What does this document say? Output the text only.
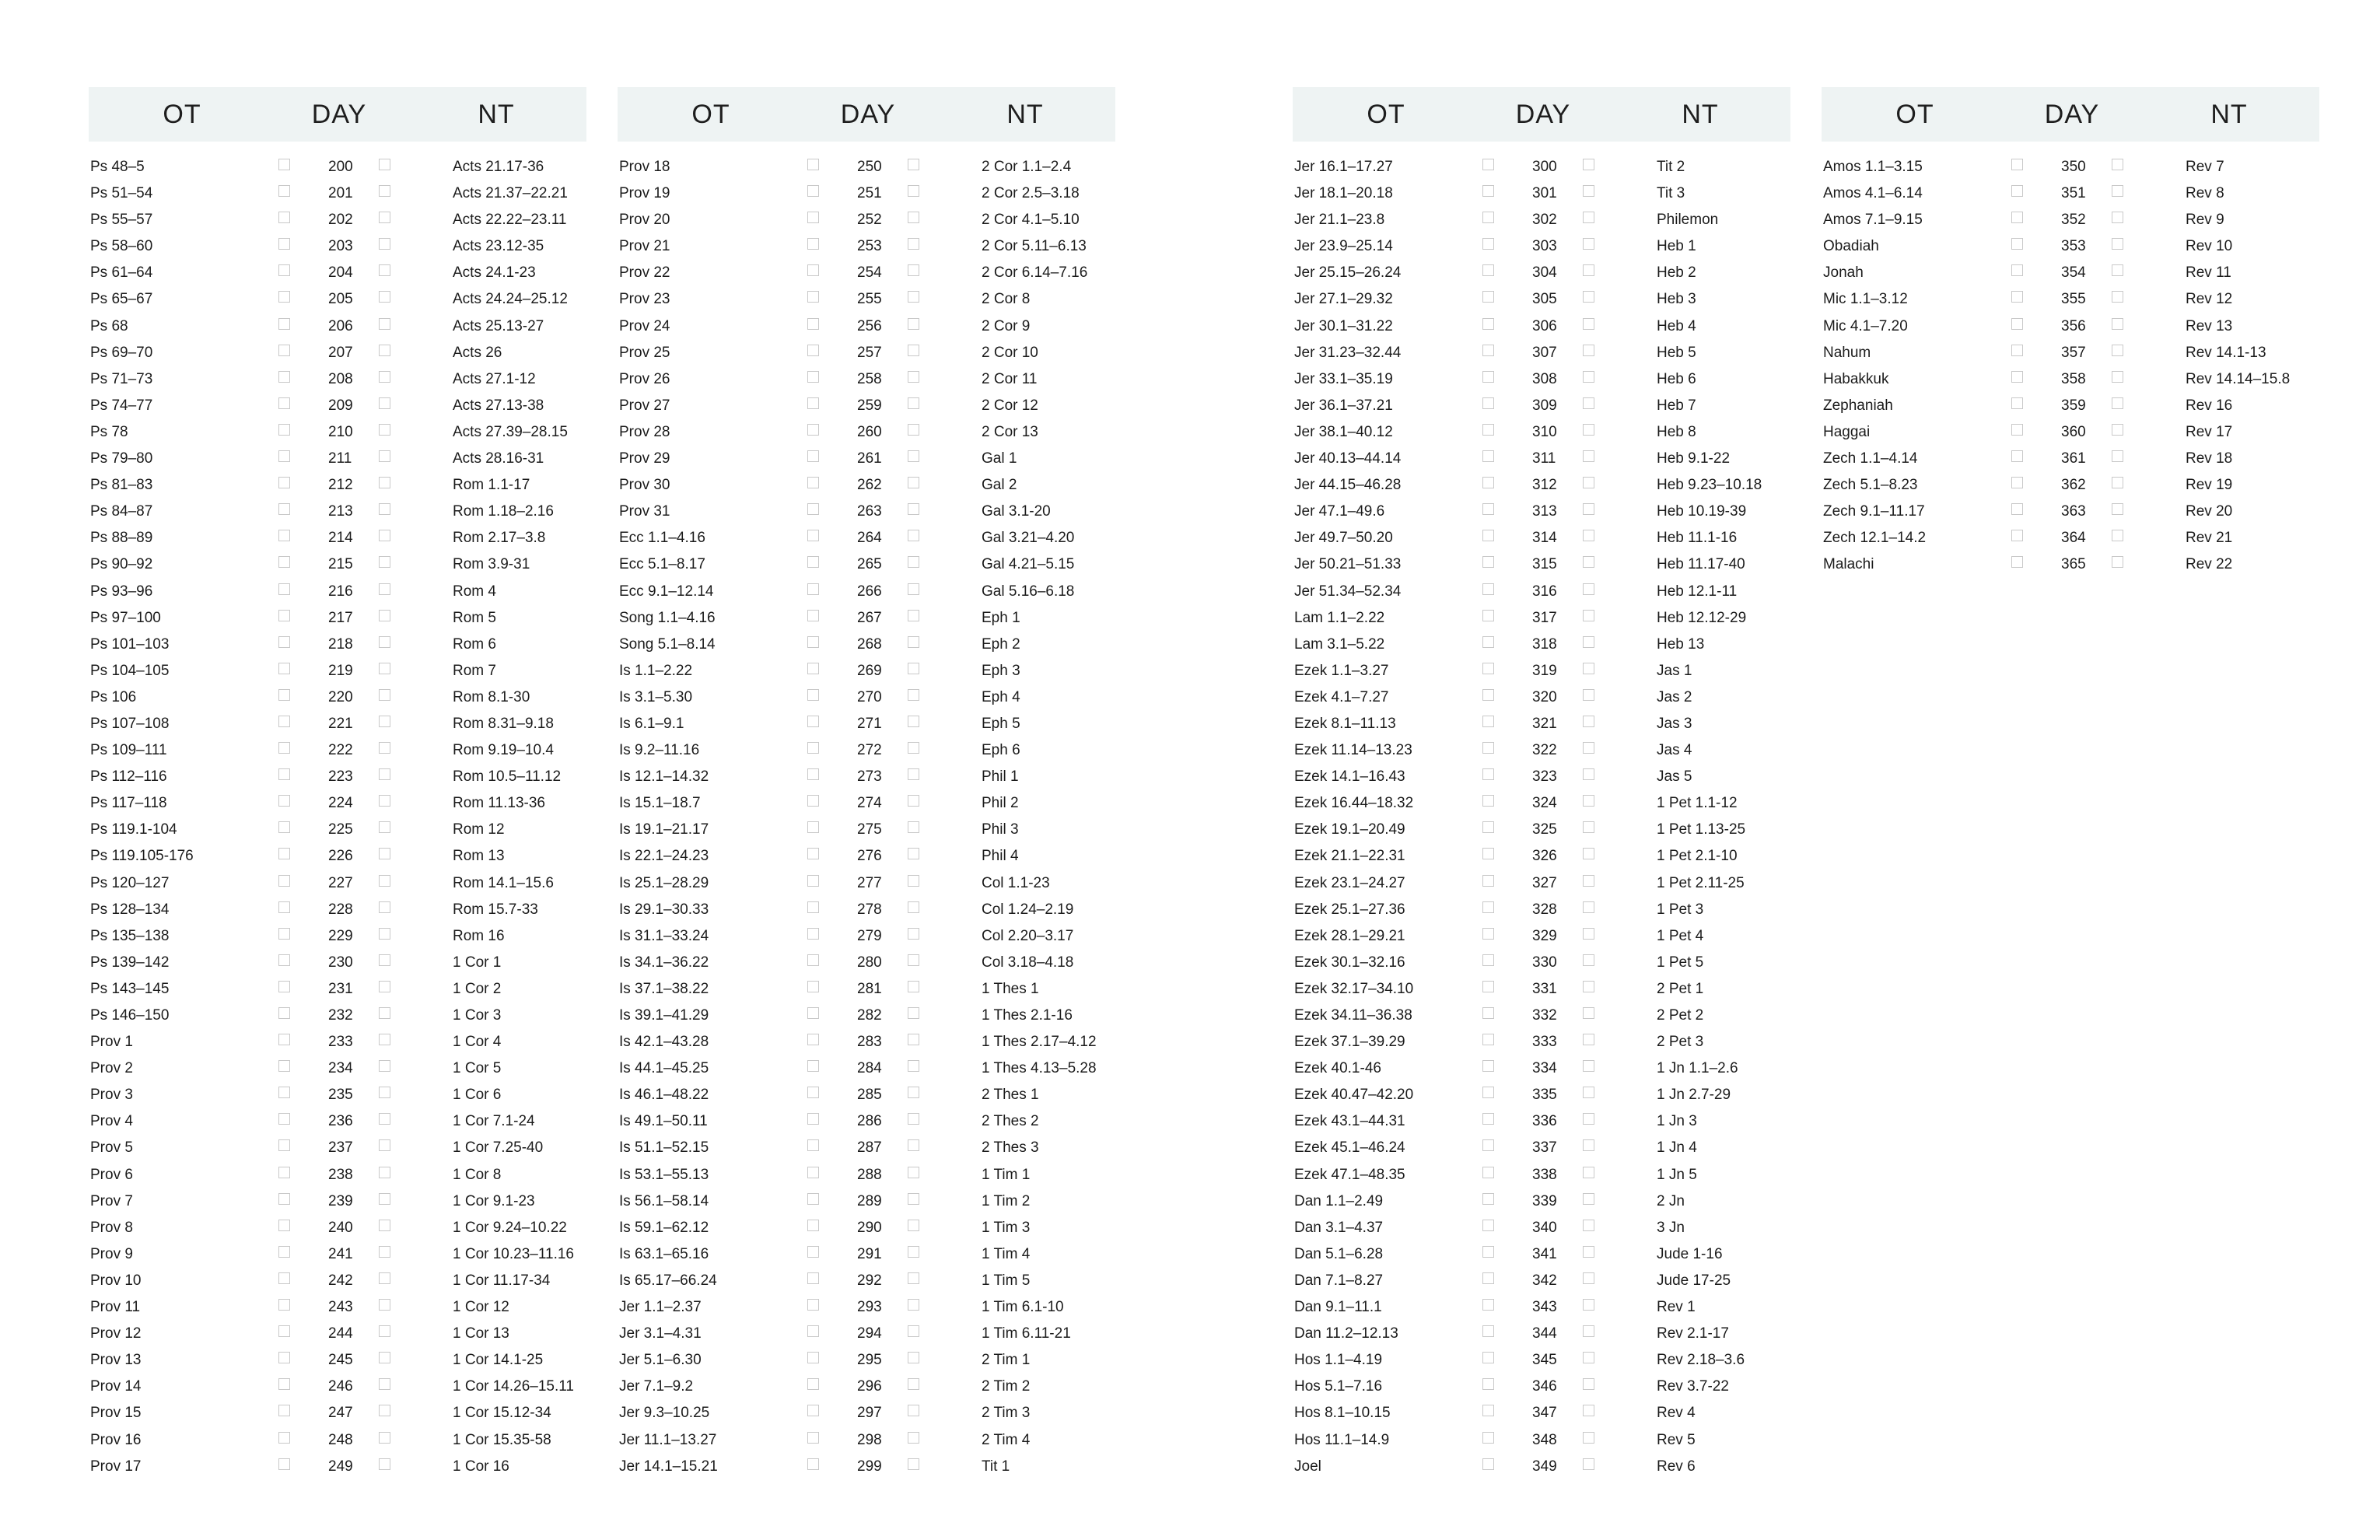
OT	DAY	NT
Ps 48–5	200	Acts 21.17-36
Ps 51–54	201	Acts 21.37–22.21
Ps 55–57	202	Acts 22.22–23.11
Ps 58–60	203	Acts 23.12-35
Ps 61–64	204	Acts 24.1-23
Ps 65–67	205	Acts 24.24–25.12
Ps 68	206	Acts 25.13-27
Ps 69–70	207	Acts 26
Ps 71–73	208	Acts 27.1-12
Ps 74–77	209	Acts 27.13-38
Ps 78	210	Acts 27.39–28.15
Ps 79–80	211	Acts 28.16-31
Ps 81–83	212	Rom 1.1-17
Ps 84–87	213	Rom 1.18–2.16
Ps 88–89	214	Rom 2.17–3.8
Ps 90–92	215	Rom 3.9-31
Ps 93–96	216	Rom 4
Ps 97–100	217	Rom 5
Ps 101–103	218	Rom 6
Ps 104–105	219	Rom 7
Ps 106	220	Rom 8.1-30
Ps 107–108	221	Rom 8.31–9.18
Ps 109–111	222	Rom 9.19–10.4
Ps 112–116	223	Rom 10.5–11.12
Ps 117–118	224	Rom 11.13-36
Ps 119.1-104	225	Rom 12
Ps 119.105-176	226	Rom 13
Ps 120–127	227	Rom 14.1–15.6
Ps 128–134	228	Rom 15.7-33
Ps 135–138	229	Rom 16
Ps 139–142	230	1 Cor 1
Ps 143–145	231	1 Cor 2
Ps 146–150	232	1 Cor 3
Prov 1	233	1 Cor 4
Prov 2	234	1 Cor 5
Prov 3	235	1 Cor 6
Prov 4	236	1 Cor 7.1-24
Prov 5	237	1 Cor 7.25-40
Prov 6	238	1 Cor 8
Prov 7	239	1 Cor 9.1-23
Prov 8	240	1 Cor 9.24–10.22
Prov 9	241	1 Cor 10.23–11.16
Prov 10	242	1 Cor 11.17-34
Prov 11	243	1 Cor 12
Prov 12	244	1 Cor 13
Prov 13	245	1 Cor 14.1-25
Prov 14	246	1 Cor 14.26–15.11
Prov 15	247	1 Cor 15.12-34
Prov 16	248	1 Cor 15.35-58
Prov 17	249	1 Cor 16
OT	DAY	NT
Prov 18	250	2 Cor 1.1–2.4
Prov 19	251	2 Cor 2.5–3.18
Prov 20	252	2 Cor 4.1–5.10
Prov 21	253	2 Cor 5.11–6.13
Prov 22	254	2 Cor 6.14–7.16
Prov 23	255	2 Cor 8
Prov 24	256	2 Cor 9
Prov 25	257	2 Cor 10
Prov 26	258	2 Cor 11
Prov 27	259	2 Cor 12
Prov 28	260	2 Cor 13
Prov 29	261	Gal 1
Prov 30	262	Gal 2
Prov 31	263	Gal 3.1-20
Ecc 1.1–4.16	264	Gal 3.21–4.20
Ecc 5.1–8.17	265	Gal 4.21–5.15
Ecc 9.1–12.14	266	Gal 5.16–6.18
Song 1.1–4.16	267	Eph 1
Song 5.1–8.14	268	Eph 2
Is 1.1–2.22	269	Eph 3
Is 3.1–5.30	270	Eph 4
Is 6.1–9.1	271	Eph 5
Is 9.2–11.16	272	Eph 6
Is 12.1–14.32	273	Phil 1
Is 15.1–18.7	274	Phil 2
Is 19.1–21.17	275	Phil 3
Is 22.1–24.23	276	Phil 4
Is 25.1–28.29	277	Col 1.1-23
Is 29.1–30.33	278	Col 1.24–2.19
Is 31.1–33.24	279	Col 2.20–3.17
Is 34.1–36.22	280	Col 3.18–4.18
Is 37.1–38.22	281	1 Thes 1
Is 39.1–41.29	282	1 Thes 2.1-16
Is 42.1–43.28	283	1 Thes 2.17–4.12
Is 44.1–45.25	284	1 Thes 4.13–5.28
Is 46.1–48.22	285	2 Thes 1
Is 49.1–50.11	286	2 Thes 2
Is 51.1–52.15	287	2 Thes 3
Is 53.1–55.13	288	1 Tim 1
Is 56.1–58.14	289	1 Tim 2
Is 59.1–62.12	290	1 Tim 3
Is 63.1–65.16	291	1 Tim 4
Is 65.17–66.24	292	1 Tim 5
Jer 1.1–2.37	293	1 Tim 6.1-10
Jer 3.1–4.31	294	1 Tim 6.11-21
Jer 5.1–6.30	295	2 Tim 1
Jer 7.1–9.2	296	2 Tim 2
Jer 9.3–10.25	297	2 Tim 3
Jer 11.1–13.27	298	2 Tim 4
Jer 14.1–15.21	299	Tit 1
OT	DAY	NT
Jer 16.1–17.27	300	Tit 2
Jer 18.1–20.18	301	Tit 3
Jer 21.1–23.8	302	Philemon
Jer 23.9–25.14	303	Heb 1
Jer 25.15–26.24	304	Heb 2
Jer 27.1–29.32	305	Heb 3
Jer 30.1–31.22	306	Heb 4
Jer 31.23–32.44	307	Heb 5
Jer 33.1–35.19	308	Heb 6
Jer 36.1–37.21	309	Heb 7
Jer 38.1–40.12	310	Heb 8
Jer 40.13–44.14	311	Heb 9.1-22
Jer 44.15–46.28	312	Heb 9.23–10.18
Jer 47.1–49.6	313	Heb 10.19-39
Jer 49.7–50.20	314	Heb 11.1-16
Jer 50.21–51.33	315	Heb 11.17-40
Jer 51.34–52.34	316	Heb 12.1-11
Lam 1.1–2.22	317	Heb 12.12-29
Lam 3.1–5.22	318	Heb 13
Ezek 1.1–3.27	319	Jas 1
Ezek 4.1–7.27	320	Jas 2
Ezek 8.1–11.13	321	Jas 3
Ezek 11.14–13.23	322	Jas 4
Ezek 14.1–16.43	323	Jas 5
Ezek 16.44–18.32	324	1 Pet 1.1-12
Ezek 19.1–20.49	325	1 Pet 1.13-25
Ezek 21.1–22.31	326	1 Pet 2.1-10
Ezek 23.1–24.27	327	1 Pet 2.11-25
Ezek 25.1–27.36	328	1 Pet 3
Ezek 28.1–29.21	329	1 Pet 4
Ezek 30.1–32.16	330	1 Pet 5
Ezek 32.17–34.10	331	2 Pet 1
Ezek 34.11–36.38	332	2 Pet 2
Ezek 37.1–39.29	333	2 Pet 3
Ezek 40.1-46	334	1 Jn 1.1–2.6
Ezek 40.47–42.20	335	1 Jn 2.7-29
Ezek 43.1–44.31	336	1 Jn 3
Ezek 45.1–46.24	337	1 Jn 4
Ezek 47.1–48.35	338	1 Jn 5
Dan 1.1–2.49	339	2 Jn
Dan 3.1–4.37	340	3 Jn
Dan 5.1–6.28	341	Jude 1-16
Dan 7.1–8.27	342	Jude 17-25
Dan 9.1–11.1	343	Rev 1
Dan 11.2–12.13	344	Rev 2.1-17
Hos 1.1–4.19	345	Rev 2.18–3.6
Hos 5.1–7.16	346	Rev 3.7-22
Hos 8.1–10.15	347	Rev 4
Hos 11.1–14.9	348	Rev 5
Joel	349	Rev 6
OT	DAY	NT
Amos 1.1–3.15	350	Rev 7
Amos 4.1–6.14	351	Rev 8
Amos 7.1–9.15	352	Rev 9
Obadiah	353	Rev 10
Jonah	354	Rev 11
Mic 1.1–3.12	355	Rev 12
Mic 4.1–7.20	356	Rev 13
Nahum	357	Rev 14.1-13
Habakkuk	358	Rev 14.14–15.8
Zephaniah	359	Rev 16
Haggai	360	Rev 17
Zech 1.1–4.14	361	Rev 18
Zech 5.1–8.23	362	Rev 19
Zech 9.1–11.17	363	Rev 20
Zech 12.1–14.2	364	Rev 21
Malachi	365	Rev 22
